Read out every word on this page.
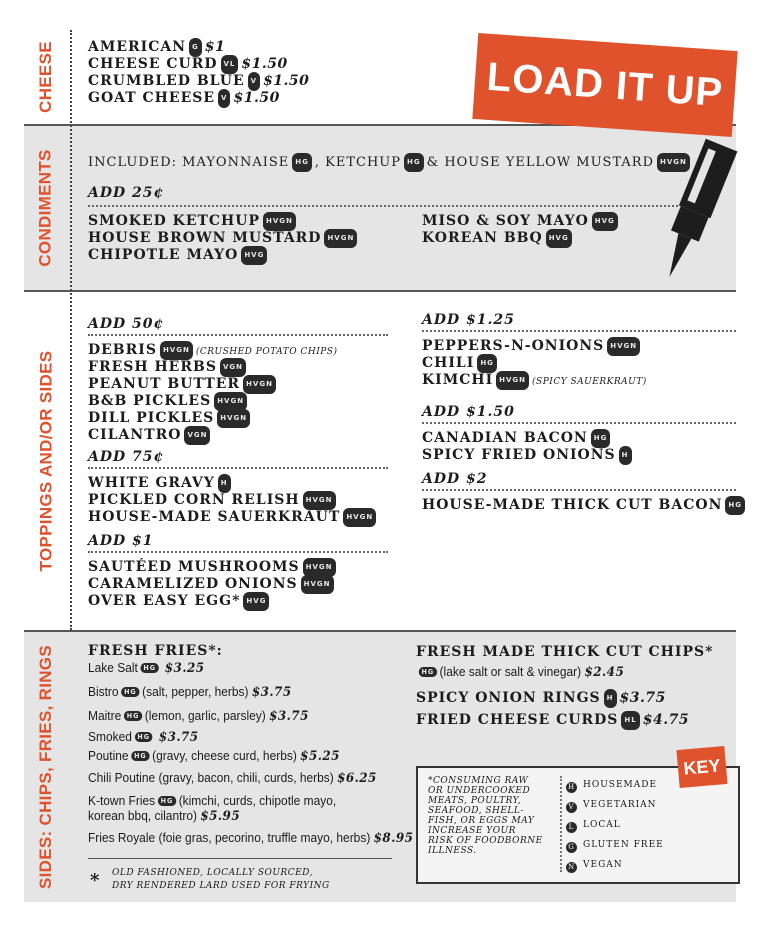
CHEESE
CONDIMENTS
TOPPINGS AND/OR SIDES
SIDES: CHIPS, FRIES, RINGS
LOAD IT UP
AMERICAN G $1
CHEESE CURD VL $1.50
CRUMBLED BLUE V $1.50
GOAT CHEESE V $1.50
INCLUDED: MAYONNAISE HG , KETCHUP HG & HOUSE YELLOW MUSTARD HVGN
ADD 25¢
SMOKED KETCHUP HVGN
HOUSE BROWN MUSTARD HVGN
CHIPOTLE MAYO HVG
MISO & SOY MAYO HVG
KOREAN BBQ HVG
ADD 50¢
DEBRIS HVGN (CRUSHED POTATO CHIPS)
FRESH HERBS VGN
PEANUT BUTTER HVGN
B&B PICKLES HVGN
DILL PICKLES HVGN
CILANTRO VGN
ADD 75¢
WHITE GRAVY H
PICKLED CORN RELISH HVGN
HOUSE-MADE SAUERKRAUT HVGN
ADD $1
SAUTÉED MUSHROOMS HVGN
CARAMELIZED ONIONS HVGN
OVER EASY EGG* HVG
ADD $1.25
PEPPERS-N-ONIONS HVGN
CHILI HG
KIMCHI HVGN (SPICY SAUERKRAUT)
ADD $1.50
CANADIAN BACON HG
SPICY FRIED ONIONS H
ADD $2
HOUSE-MADE THICK CUT BACON HG
FRESH FRIES*:
Lake Salt HG $3.25
Bistro HG (salt, pepper, herbs) $3.75
Maitre HG (lemon, garlic, parsley) $3.75
Smoked HG $3.75
Poutine HG (gravy, cheese curd, herbs) $5.25
Chili Poutine (gravy, bacon, chili, curds, herbs) $6.25
K-town Fries HG (kimchi, curds, chipotle mayo,
korean bbq, cilantro) $5.95
Fries Royale (foie gras, pecorino, truffle mayo, herbs) $8.95
* OLD FASHIONED, LOCALLY SOURCED,
DRY RENDERED LARD USED FOR FRYING
FRESH MADE THICK CUT CHIPS*
HG (lake salt or salt & vinegar) $2.45
SPICY ONION RINGS H $3.75
FRIED CHEESE CURDS HL $4.75
KEY
*CONSUMING RAW
OR UNDERCOOKED
MEATS, POULTRY,
SEAFOOD, SHELL-
FISH, OR EGGS MAY
INCREASE YOUR
RISK OF FOODBORNE
ILLNESS.
H HOUSEMADE
V VEGETARIAN
L LOCAL
G GLUTEN FREE
N VEGAN
